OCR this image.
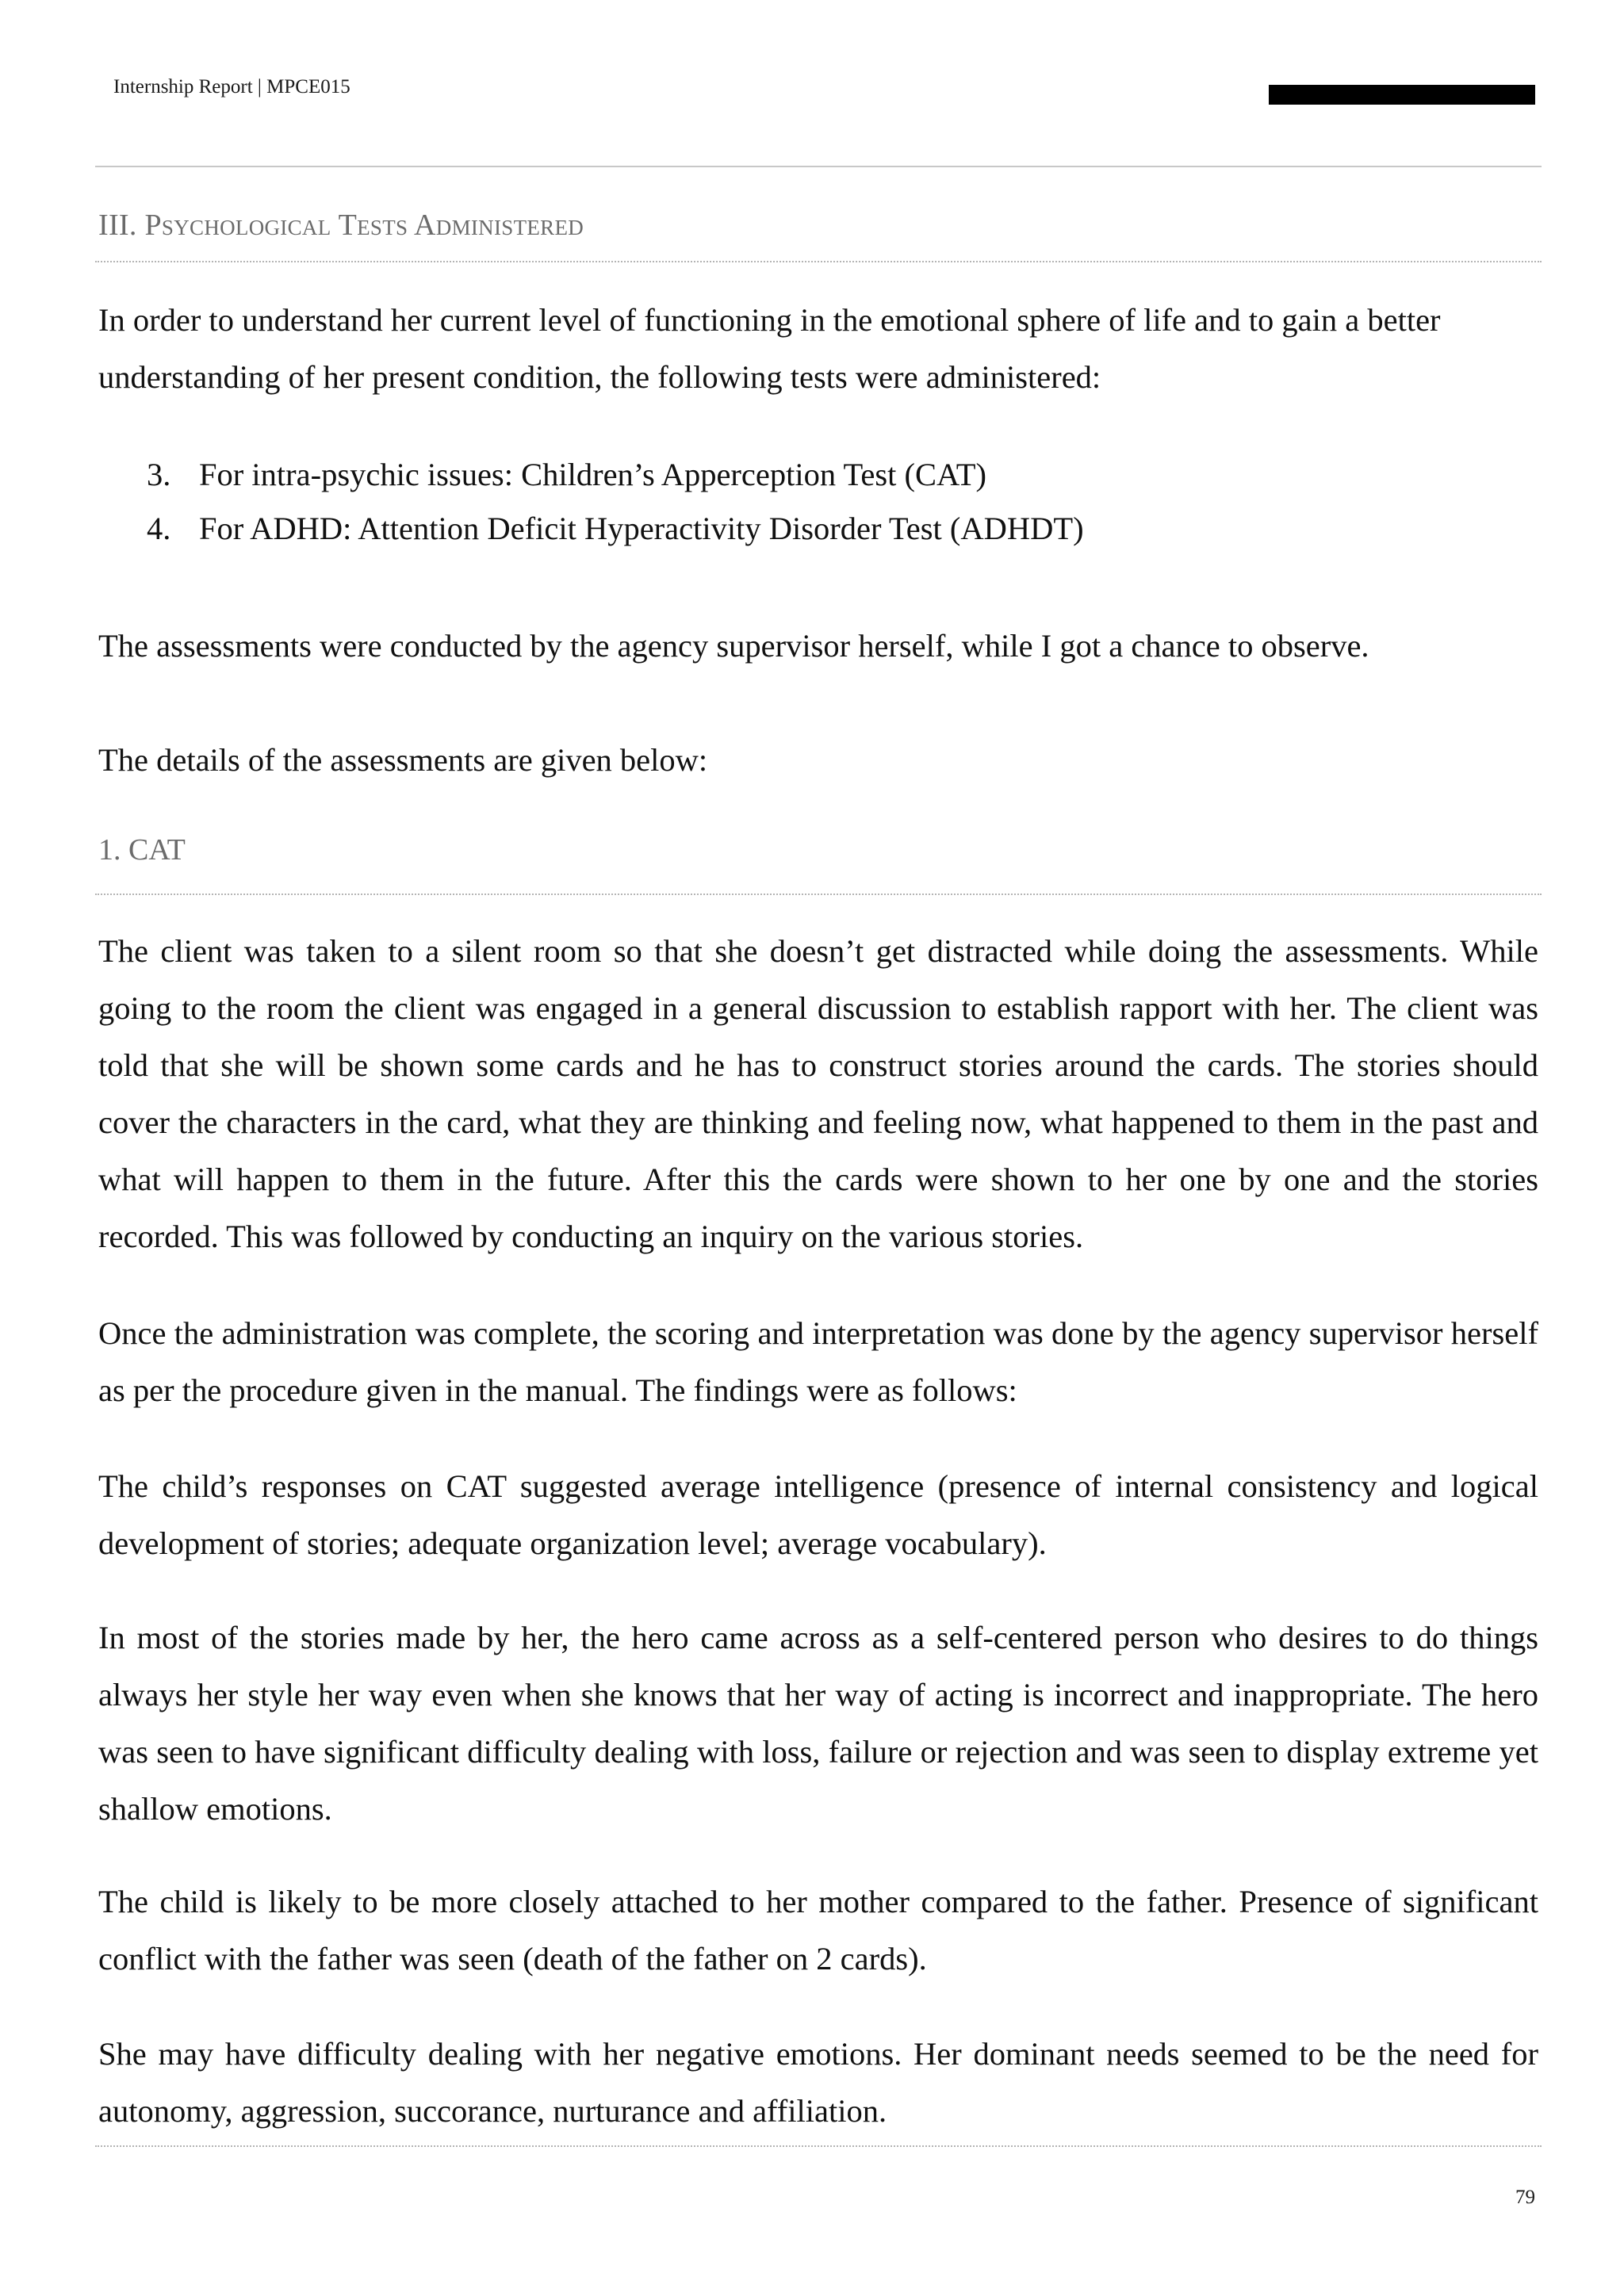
Internship Report | MPCE015
III. Psychological Tests Administered

In order to understand her current level of functioning in the emotional sphere of life and to gain a better understanding of her present condition, the following tests were administered:

3. For intra-psychic issues: Children’s Apperception Test (CAT)
4. For ADHD: Attention Deficit Hyperactivity Disorder Test (ADHDT)

The assessments were conducted by the agency supervisor herself, while I got a chance to observe.

The details of the assessments are given below:

1. CAT

The client was taken to a silent room so that she doesn’t get distracted while doing the assessments. While going to the room the client was engaged in a general discussion to establish rapport with her. The client was told that she will be shown some cards and he has to construct stories around the cards. The stories should cover the characters in the card, what they are thinking and feeling now, what happened to them in the past and what will happen to them in the future. After this the cards were shown to her one by one and the stories recorded. This was followed by conducting an inquiry on the various stories.

Once the administration was complete, the scoring and interpretation was done by the agency supervisor herself as per the procedure given in the manual. The findings were as follows:

The child’s responses on CAT suggested average intelligence (presence of internal consistency and logical development of stories; adequate organization level; average vocabulary).

In most of the stories made by her, the hero came across as a self-centered person who desires to do things always her style her way even when she knows that her way of acting is incorrect and inappropriate. The hero was seen to have significant difficulty dealing with loss, failure or rejection and was seen to display extreme yet shallow emotions.

The child is likely to be more closely attached to her mother compared to the father. Presence of significant conflict with the father was seen (death of the father on 2 cards).

She may have difficulty dealing with her negative emotions. Her dominant needs seemed to be the need for autonomy, aggression, succorance, nurturance and affiliation.

79
